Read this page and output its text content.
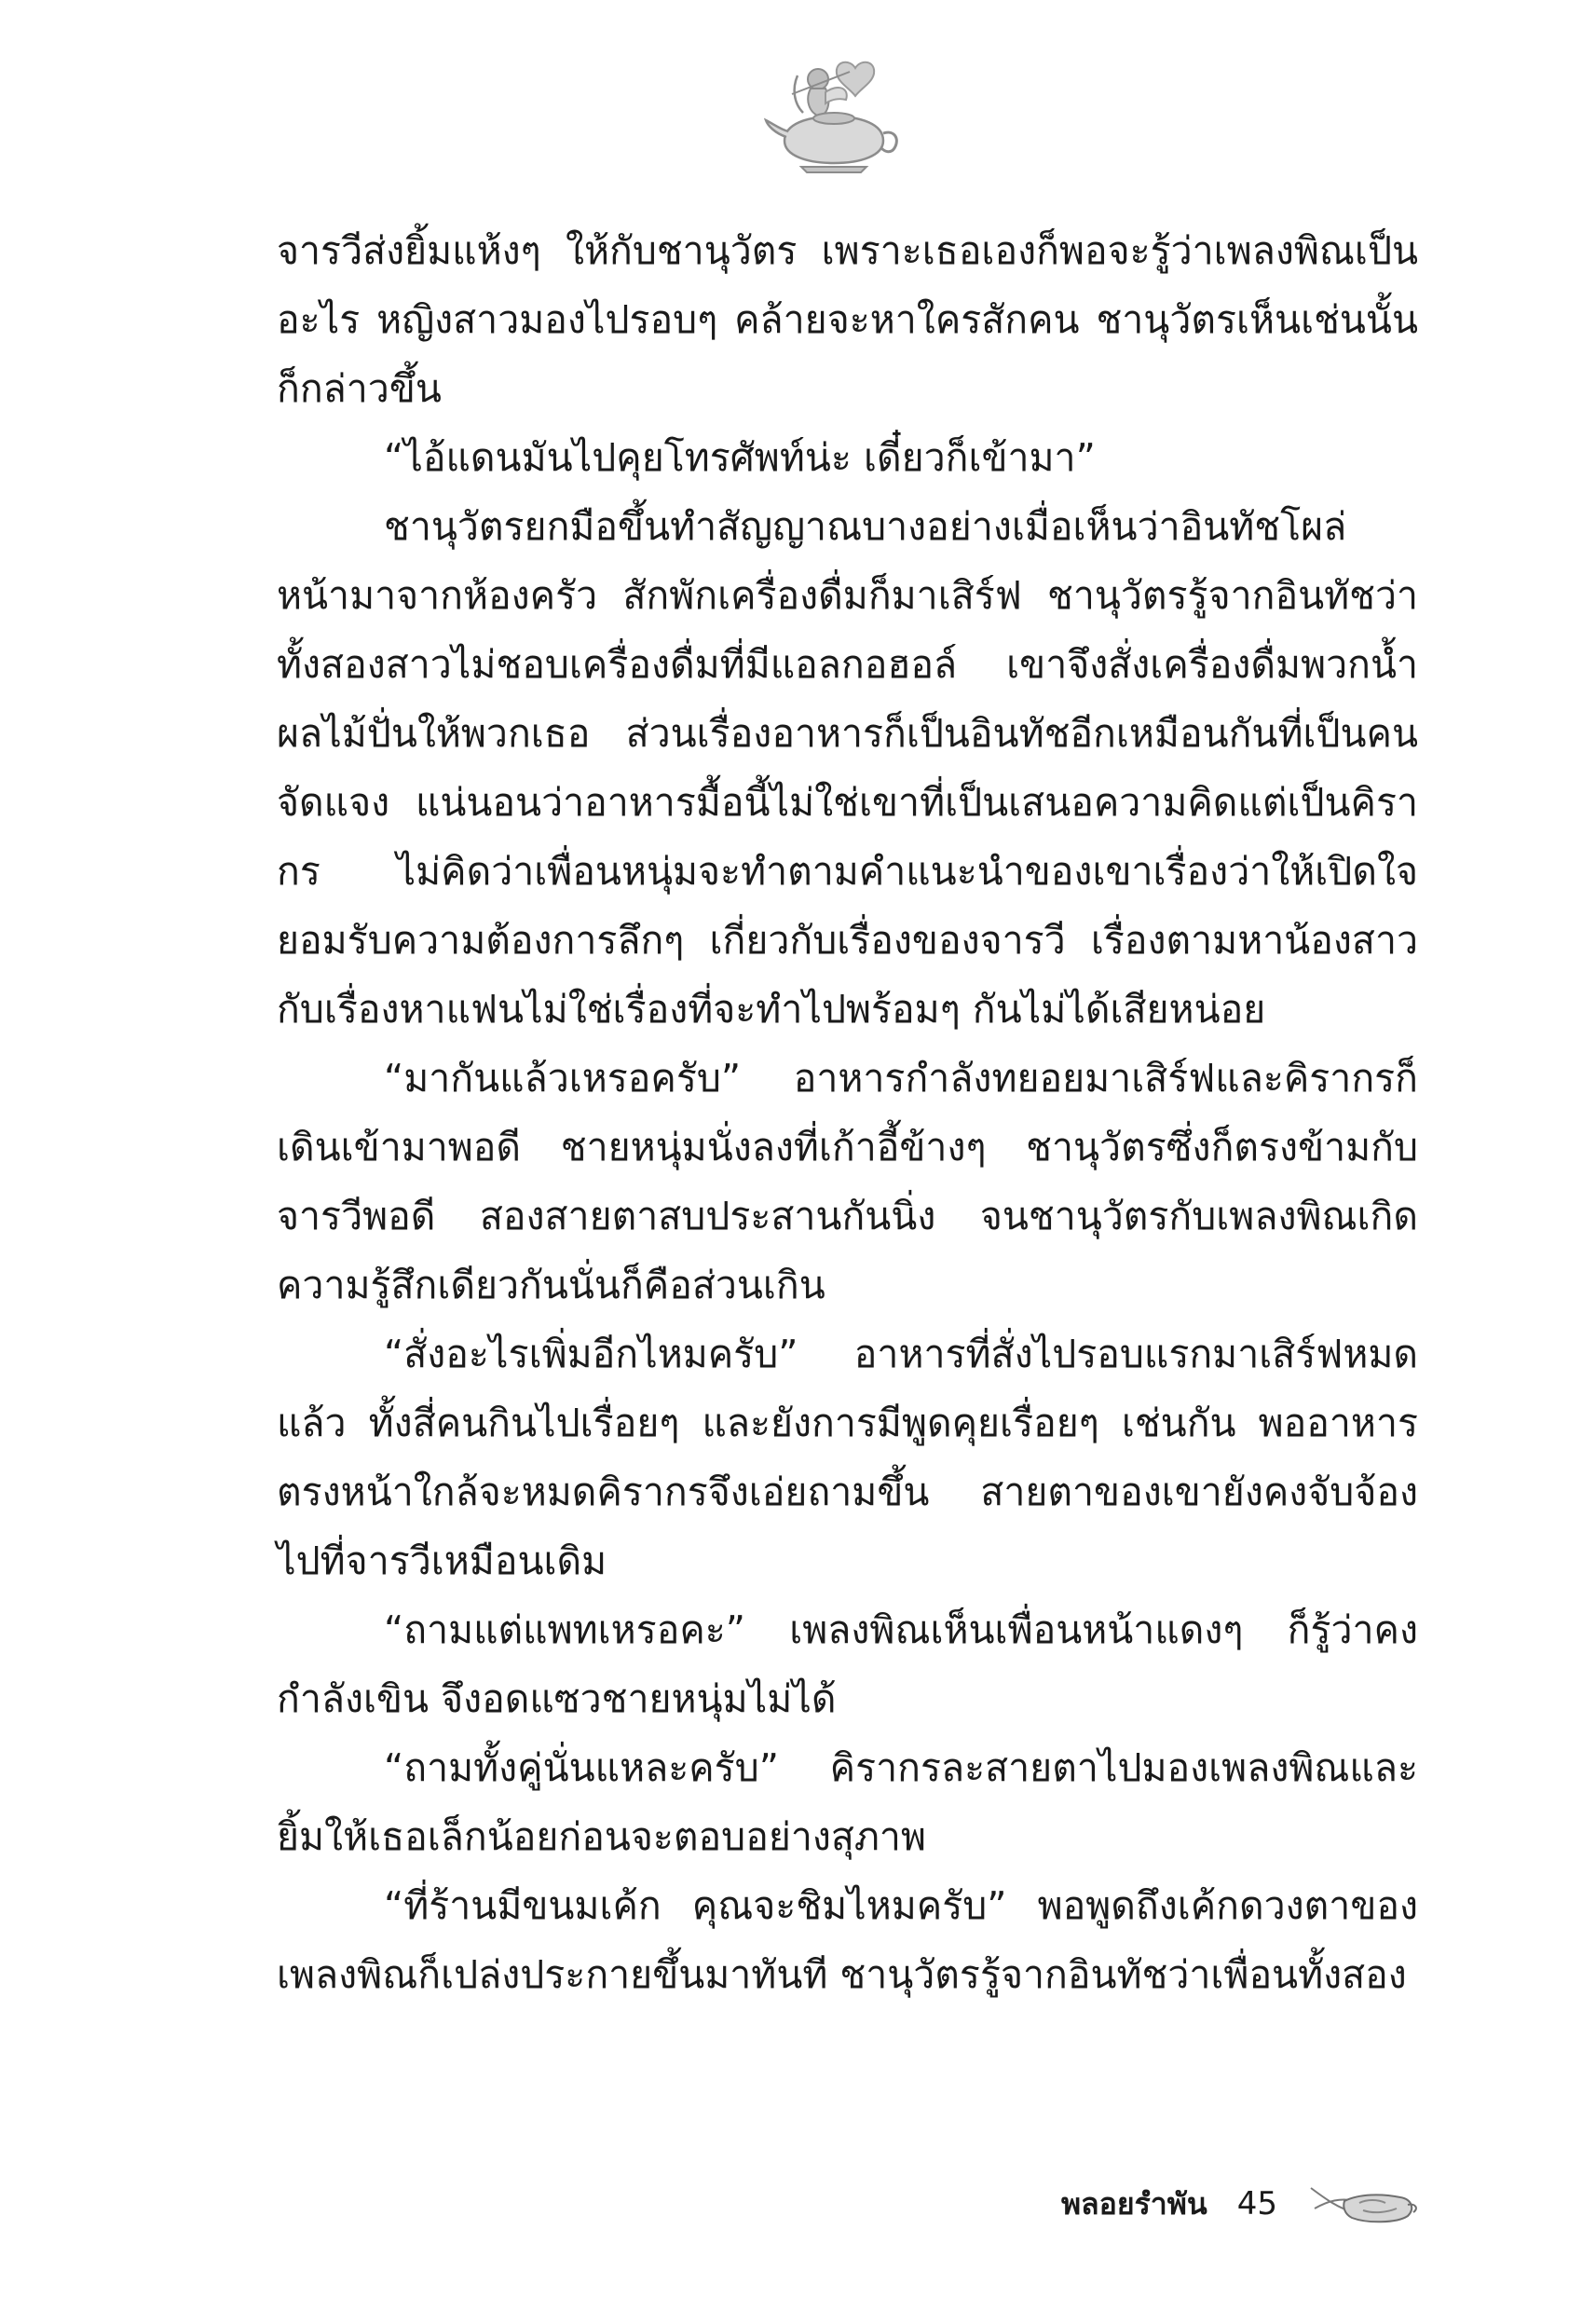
จารวีส่งยิ้มแห้งๆ ให้กับชานุวัตร เพราะเธอเองก็พอจะรู้ว่าเพลงพิณเป็นอะไร หญิงสาวมองไปรอบๆ คล้ายจะหาใครสักคน ชานุวัตรเห็นเช่นนั้นก็กล่าวขึ้น

“ไอ้แดนมันไปคุยโทรศัพท์น่ะ เดี๋ยวก็เข้ามา”

ชานุวัตรยกมือขึ้นทำสัญญาณบางอย่างเมื่อเห็นว่าอินทัชโผล่หน้ามาจากห้องครัว สักพักเครื่องดื่มก็มาเสิร์ฟ ชานุวัตรรู้จากอินทัชว่าทั้งสองสาวไม่ชอบเครื่องดื่มที่มีแอลกอฮอล์ เขาจึงสั่งเครื่องดื่มพวกน้ำผลไม้ปั่นให้พวกเธอ ส่วนเรื่องอาหารก็เป็นอินทัชอีกเหมือนกันที่เป็นคนจัดแจง แน่นอนว่าอาหารมื้อนี้ไม่ใช่เขาที่เป็นเสนอความคิดแต่เป็นคิรากร ไม่คิดว่าเพื่อนหนุ่มจะทำตามคำแนะนำของเขาเรื่องว่าให้เปิดใจยอมรับความต้องการลึกๆ เกี่ยวกับเรื่องของจารวี เรื่องตามหาน้องสาวกับเรื่องหาแฟนไม่ใช่เรื่องที่จะทำไปพร้อมๆ กันไม่ได้เสียหน่อย

“มากันแล้วเหรอครับ” อาหารกำลังทยอยมาเสิร์ฟและคิรากรก็เดินเข้ามาพอดี ชายหนุ่มนั่งลงที่เก้าอี้ข้างๆ ชานุวัตรซึ่งก็ตรงข้ามกับจารวีพอดี สองสายตาสบประสานกันนิ่ง จนชานุวัตรกับเพลงพิณเกิดความรู้สึกเดียวกันนั่นก็คือส่วนเกิน

“สั่งอะไรเพิ่มอีกไหมครับ” อาหารที่สั่งไปรอบแรกมาเสิร์ฟหมดแล้ว ทั้งสี่คนกินไปเรื่อยๆ และยังการมีพูดคุยเรื่อยๆ เช่นกัน พออาหารตรงหน้าใกล้จะหมดคิรากรจึงเอ่ยถามขึ้น สายตาของเขายังคงจับจ้องไปที่จารวีเหมือนเดิม

“ถามแต่แพทเหรอคะ” เพลงพิณเห็นเพื่อนหน้าแดงๆ ก็รู้ว่าคงกำลังเขิน จึงอดแซวชายหนุ่มไม่ได้

“ถามทั้งคู่นั่นแหละครับ” คิรากรละสายตาไปมองเพลงพิณและยิ้มให้เธอเล็กน้อยก่อนจะตอบอย่างสุภาพ

“ที่ร้านมีขนมเค้ก คุณจะชิมไหมครับ” พอพูดถึงเค้กดวงตาของเพลงพิณก็เปล่งประกายขึ้นมาทันที ชานุวัตรรู้จากอินทัชว่าเพื่อนทั้งสอง

พลอยรำพัน 45
